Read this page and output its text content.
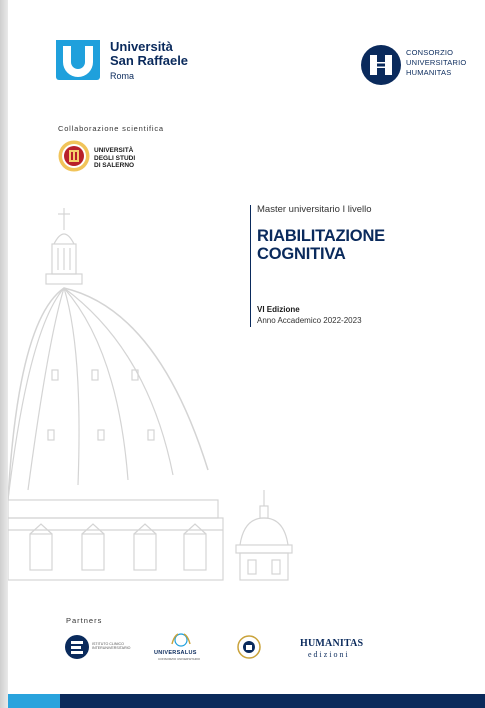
Università
San Raffaele
Roma
CONSORZIO
UNIVERSITARIO
HUMANITAS
Collaborazione scientifica
UNIVERSITÀ
DEGLI STUDI
DI SALERNO
Master universitario I livello
RIABILITAZIONE
COGNITIVA
VI Edizione
Anno Accademico 2022-2023
Partners
ISTITUTO CLINICO INTERUNIVERSITARIO
UNIVERSALUS
CONSORZIO UNIVERSITARIO
HUMANITAS
edizioni
